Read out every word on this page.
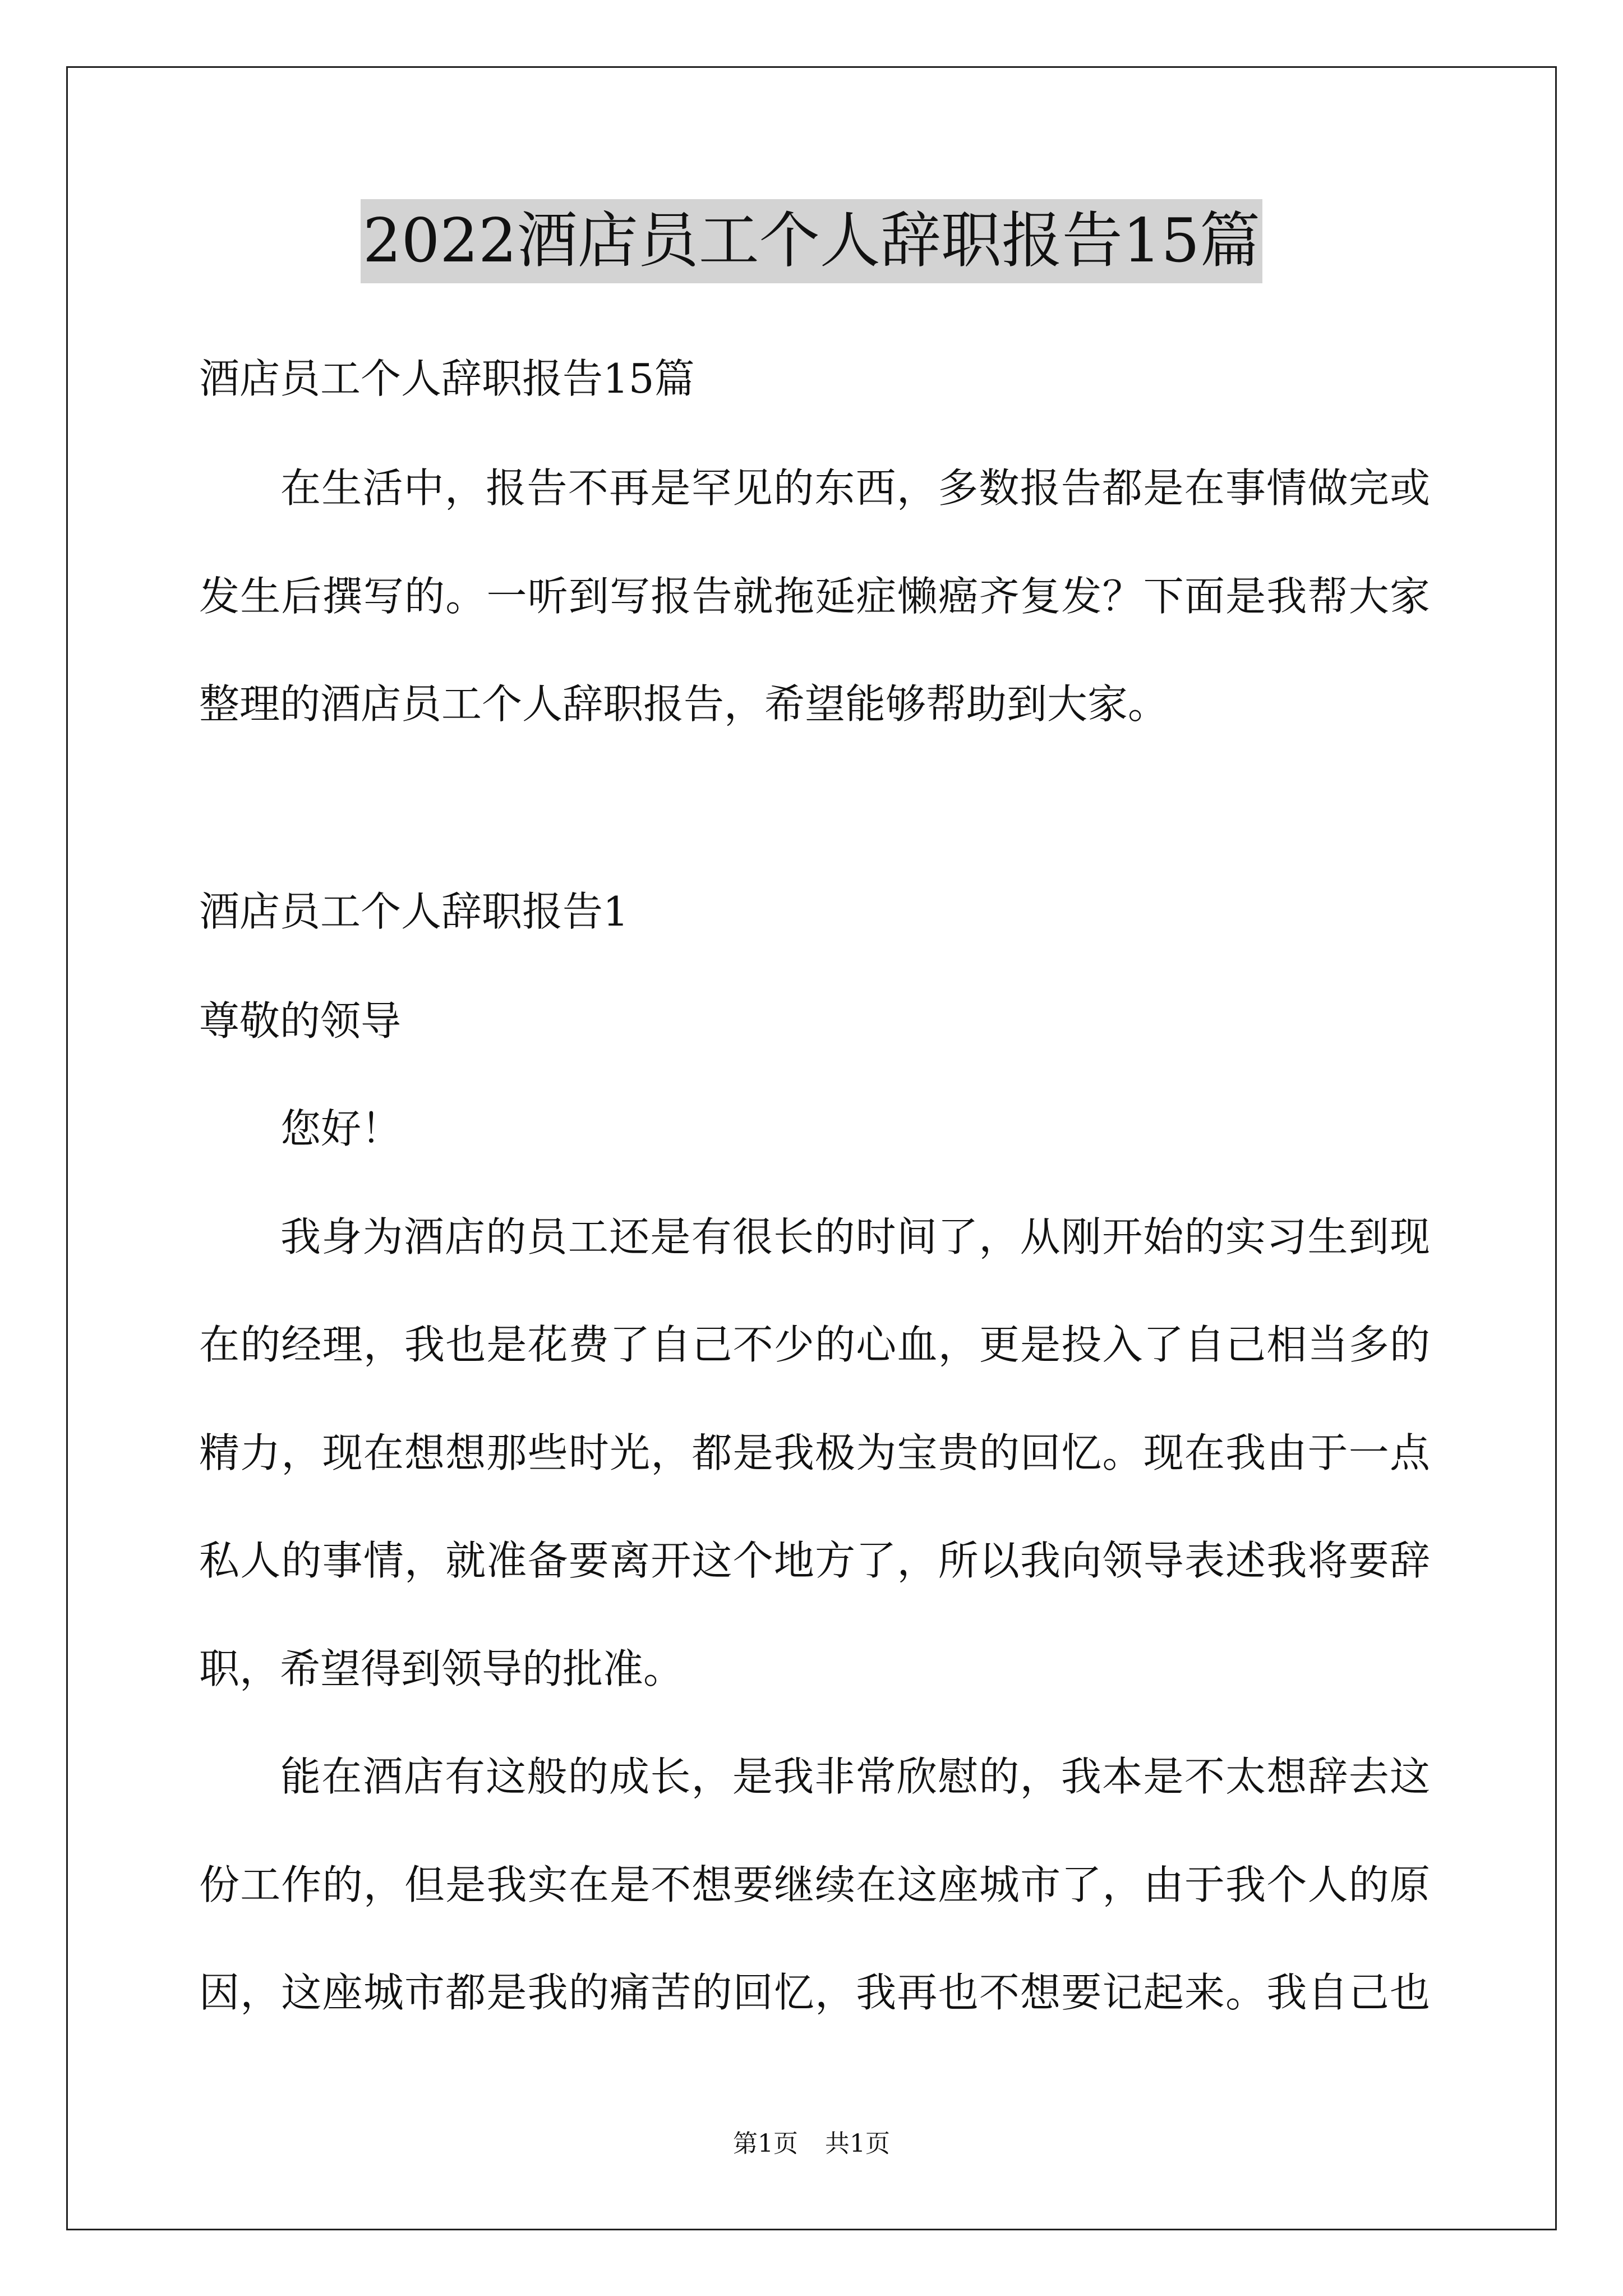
2022酒店员工个人辞职报告15篇
酒店员工个人辞职报告15篇
在生活中，报告不再是罕见的东西，多数报告都是在事情做完或
发生后撰写的。一听到写报告就拖延症懒癌齐复发？下面是我帮大家
整理的酒店员工个人辞职报告，希望能够帮助到大家。
酒店员工个人辞职报告1
尊敬的领导
您好！
我身为酒店的员工还是有很长的时间了，从刚开始的实习生到现
在的经理，我也是花费了自己不少的心血，更是投入了自己相当多的
精力，现在想想那些时光，都是我极为宝贵的回忆。现在我由于一点
私人的事情，就准备要离开这个地方了，所以我向领导表述我将要辞
职，希望得到领导的批准。
能在酒店有这般的成长，是我非常欣慰的，我本是不太想辞去这
份工作的，但是我实在是不想要继续在这座城市了，由于我个人的原
因，这座城市都是我的痛苦的回忆，我再也不想要记起来。我自己也
第1页 共1页
